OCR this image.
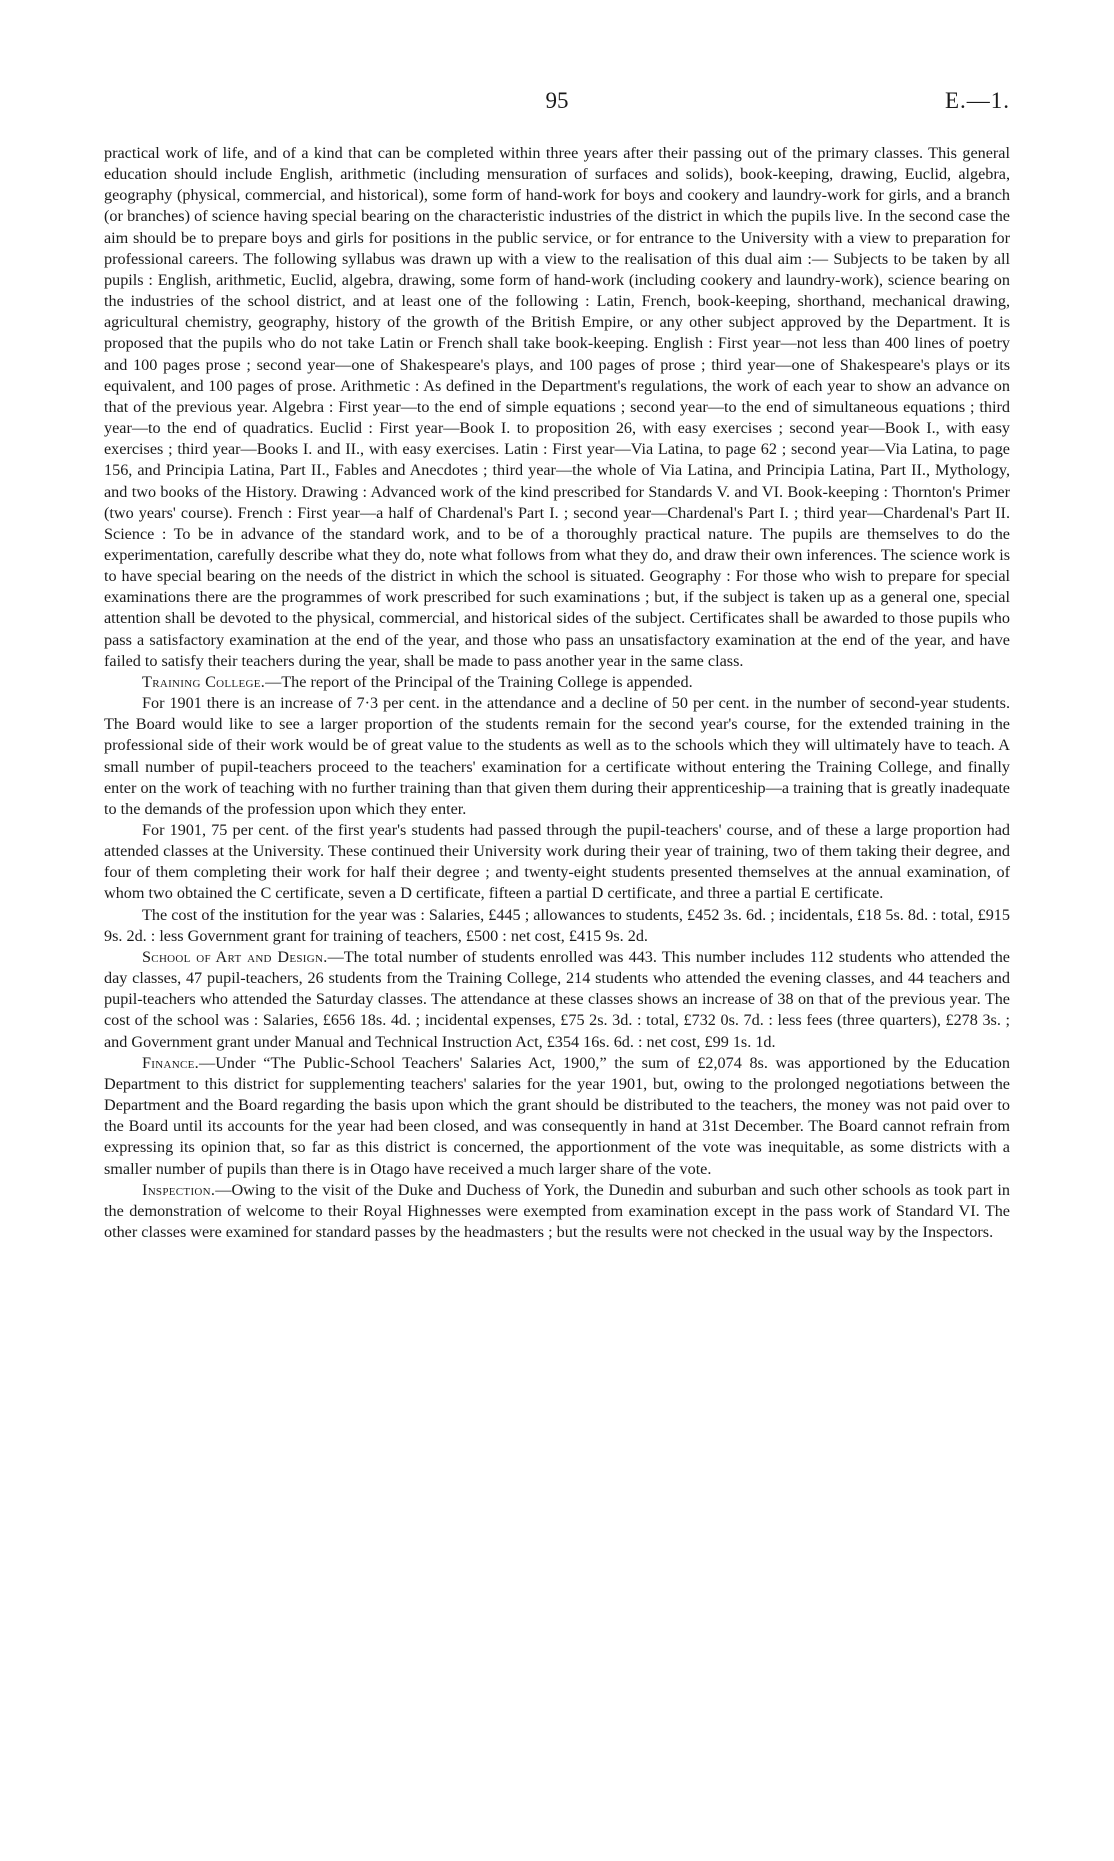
95	E.—1.

practical work of life, and of a kind that can be completed within three years after their passing out of the primary classes. This general education should include English, arithmetic (including mensuration of surfaces and solids), book-keeping, drawing, Euclid, algebra, geography (physical, commercial, and historical), some form of hand-work for boys and cookery and laundry-work for girls, and a branch (or branches) of science having special bearing on the characteristic industries of the district in which the pupils live. In the second case the aim should be to prepare boys and girls for positions in the public service, or for entrance to the University with a view to preparation for professional careers. The following syllabus was drawn up with a view to the realisation of this dual aim :— Subjects to be taken by all pupils : English, arithmetic, Euclid, algebra, drawing, some form of hand-work (including cookery and laundry-work), science bearing on the industries of the school district, and at least one of the following : Latin, French, book-keeping, shorthand, mechanical drawing, agricultural chemistry, geography, history of the growth of the British Empire, or any other subject approved by the Department. It is proposed that the pupils who do not take Latin or French shall take book-keeping. English : First year—not less than 400 lines of poetry and 100 pages prose ; second year—one of Shakespeare's plays, and 100 pages of prose ; third year—one of Shakespeare's plays or its equivalent, and 100 pages of prose. Arithmetic : As defined in the Department's regulations, the work of each year to show an advance on that of the previous year. Algebra : First year—to the end of simple equations ; second year—to the end of simultaneous equations ; third year—to the end of quadratics. Euclid : First year—Book I. to proposition 26, with easy exercises ; second year—Book I., with easy exercises ; third year—Books I. and II., with easy exercises. Latin : First year—Via Latina, to page 62 ; second year—Via Latina, to page 156, and Principia Latina, Part II., Fables and Anecdotes ; third year—the whole of Via Latina, and Principia Latina, Part II., Mythology, and two books of the History. Drawing : Advanced work of the kind prescribed for Standards V. and VI. Book-keeping : Thornton's Primer (two years' course). French : First year—a half of Chardenal's Part I. ; second year—Chardenal's Part I. ; third year—Chardenal's Part II. Science : To be in advance of the standard work, and to be of a thoroughly practical nature. The pupils are themselves to do the experimentation, carefully describe what they do, note what follows from what they do, and draw their own inferences. The science work is to have special bearing on the needs of the district in which the school is situated. Geography : For those who wish to prepare for special examinations there are the programmes of work prescribed for such examinations ; but, if the subject is taken up as a general one, special attention shall be devoted to the physical, commercial, and historical sides of the subject. Certificates shall be awarded to those pupils who pass a satisfactory examination at the end of the year, and those who pass an unsatisfactory examination at the end of the year, and have failed to satisfy their teachers during the year, shall be made to pass another year in the same class.

Training College.—The report of the Principal of the Training College is appended.

For 1901 there is an increase of 7·3 per cent. in the attendance and a decline of 50 per cent. in the number of second-year students. The Board would like to see a larger proportion of the students remain for the second year's course, for the extended training in the professional side of their work would be of great value to the students as well as to the schools which they will ultimately have to teach. A small number of pupil-teachers proceed to the teachers' examination for a certificate without entering the Training College, and finally enter on the work of teaching with no further training than that given them during their apprenticeship—a training that is greatly inadequate to the demands of the profession upon which they enter.

For 1901, 75 per cent. of the first year's students had passed through the pupil-teachers' course, and of these a large proportion had attended classes at the University. These continued their University work during their year of training, two of them taking their degree, and four of them completing their work for half their degree ; and twenty-eight students presented themselves at the annual examination, of whom two obtained the C certificate, seven a D certificate, fifteen a partial D certificate, and three a partial E certificate.

The cost of the institution for the year was : Salaries, £445 ; allowances to students, £452 3s. 6d. ; incidentals, £18 5s. 8d. : total, £915 9s. 2d. : less Government grant for training of teachers, £500 : net cost, £415 9s. 2d.

School of Art and Design.—The total number of students enrolled was 443. This number includes 112 students who attended the day classes, 47 pupil-teachers, 26 students from the Training College, 214 students who attended the evening classes, and 44 teachers and pupil-teachers who attended the Saturday classes. The attendance at these classes shows an increase of 38 on that of the previous year. The cost of the school was : Salaries, £656 18s. 4d. ; incidental expenses, £75 2s. 3d. : total, £732 0s. 7d. : less fees (three quarters), £278 3s. ; and Government grant under Manual and Technical Instruction Act, £354 16s. 6d. : net cost, £99 1s. 1d.

Finance.—Under “The Public-School Teachers' Salaries Act, 1900,” the sum of £2,074 8s. was apportioned by the Education Department to this district for supplementing teachers' salaries for the year 1901, but, owing to the prolonged negotiations between the Department and the Board regarding the basis upon which the grant should be distributed to the teachers, the money was not paid over to the Board until its accounts for the year had been closed, and was consequently in hand at 31st December. The Board cannot refrain from expressing its opinion that, so far as this district is concerned, the apportionment of the vote was inequitable, as some districts with a smaller number of pupils than there is in Otago have received a much larger share of the vote.

Inspection.—Owing to the visit of the Duke and Duchess of York, the Dunedin and suburban and such other schools as took part in the demonstration of welcome to their Royal Highnesses were exempted from examination except in the pass work of Standard VI. The other classes were examined for standard passes by the headmasters ; but the results were not checked in the usual way by the Inspectors.
